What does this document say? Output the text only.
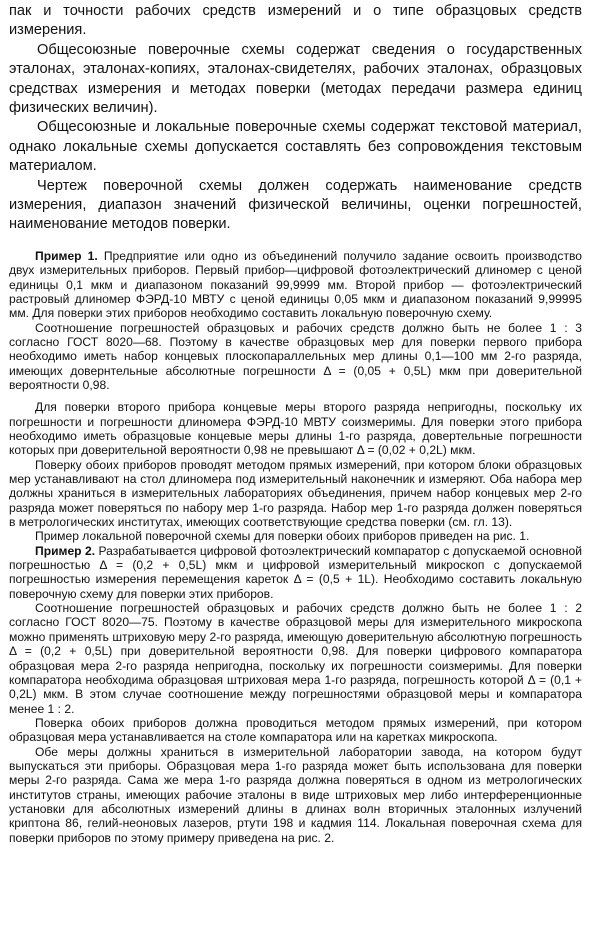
пак и точности рабочих средств измерений и о типе образцовых средств измерения.

Общесоюзные поверочные схемы содержат сведения о государственных эталонах, эталонах-копиях, эталонах-свидетелях, рабочих эталонах, образцовых средствах измерения и методах поверки (методах передачи размера единиц физических величин).

Общесоюзные и локальные поверочные схемы содержат текстовой материал, однако локальные схемы допускается составлять без сопровождения текстовым материалом.

Чертеж поверочной схемы должен содержать наименование средств измерения, диапазон значений физической величины, оценки погрешностей, наименование методов поверки.

Пример 1. Предприятие или одно из объединений получило задание освоить производство двух измерительных приборов. Первый прибор—цифровой фотоэлектрический длиномер с ценой единицы 0,1 мкм и диапазоном показаний 99,9999 мм. Второй прибор — фотоэлектрический растровый длиномер ФЭРД-10 МВТУ с ценой единицы 0,05 мкм и диапазоном показаний 9,99995 мм. Для поверки этих приборов необходимо составить локальную поверочную схему.

Соотношение погрешностей образцовых и рабочих средств должно быть не более 1 : 3 согласно ГОСТ 8020—68. Поэтому в качестве образцовых мер для поверки первого прибора необходимо иметь набор концевых плоскопараллельных мер длины 0,1—100 мм 2-го разряда, имеющих довернтельные абсолютные погрешности Δ = (0,05 + 0,5L) мкм при доверительной вероятности 0,98.

Для поверки второго прибора концевые меры второго разряда непригодны, поскольку их погрешности и погрешности длиномера ФЭРД-10 МВТУ соизмеримы. Для поверки этого прибора необходимо иметь образцовые концевые меры длины 1-го разряда, довертельные погрешности которых при доверительной вероятности 0,98 не превышают Δ = (0,02 + 0,2L) мкм.

Поверку обоих приборов проводят методом прямых измерений, при котором блоки образцовых мер устанавливают на стол длиномера под измерительный наконечник и измеряют. Оба набора мер должны храниться в измерительных лабораториях объединения, причем набор концевых мер 2-го разряда может поверяться по набору мер 1-го разряда. Набор мер 1-го разряда должен поверяться в метрологических институтах, имеющих соответствующие средства поверки (см. гл. 13).

Пример локальной поверочной схемы для поверки обоих приборов приведен на рис. 1.

Пример 2. Разрабатывается цифровой фотоэлектрический компаратор с допускаемой основной погрешностью Δ = (0,2 + 0,5L) мкм и цифровой измерительный микроскоп с допускаемой погрешностью измерения перемещения кареток Δ = (0,5 + 1L). Необходимо составить локальную поверочную схему для поверки этих приборов.

Соотношение погрешностей образцовых и рабочих средств должно быть не более 1 : 2 согласно ГОСТ 8020—75. Поэтому в качестве образцовой меры для измерительного микроскопа можно применять штриховую меру 2-го разряда, имеющую доверительную абсолютную погрешность Δ = (0,2 + 0,5L) при доверительной вероятности 0,98. Для поверки цифрового компаратора образцовая мера 2-го разряда непригодна, поскольку их погрешности соизмеримы. Для поверки компаратора необходима образцовая штриховая мера 1-го разряда, погрешность которой Δ = (0,1 + 0,2L) мкм. В этом случае соотношение между погрешностями образцовой меры и компаратора менее 1 : 2.

Поверка обоих приборов должна проводиться методом прямых измерений, при котором образцовая мера устанавливается на столе компаратора или на каретках микроскопа.

Обе меры должны храниться в измерительной лаборатории завода, на котором будут выпускаться эти приборы. Образцовая мера 1-го разряда может быть использована для поверки меры 2-го разряда. Сама же мера 1-го разряда должна поверяться в одном из метрологических институтов страны, имеющих рабочие эталоны в виде штриховых мер либо интерференционные установки для абсолютных измерений длины в длинах волн вторичных эталонных излучений криптона 86, гелий-неоновых лазеров, ртути 198 и кадмия 114. Локальная поверочная схема для поверки приборов по этому примеру приведена на рис. 2.
